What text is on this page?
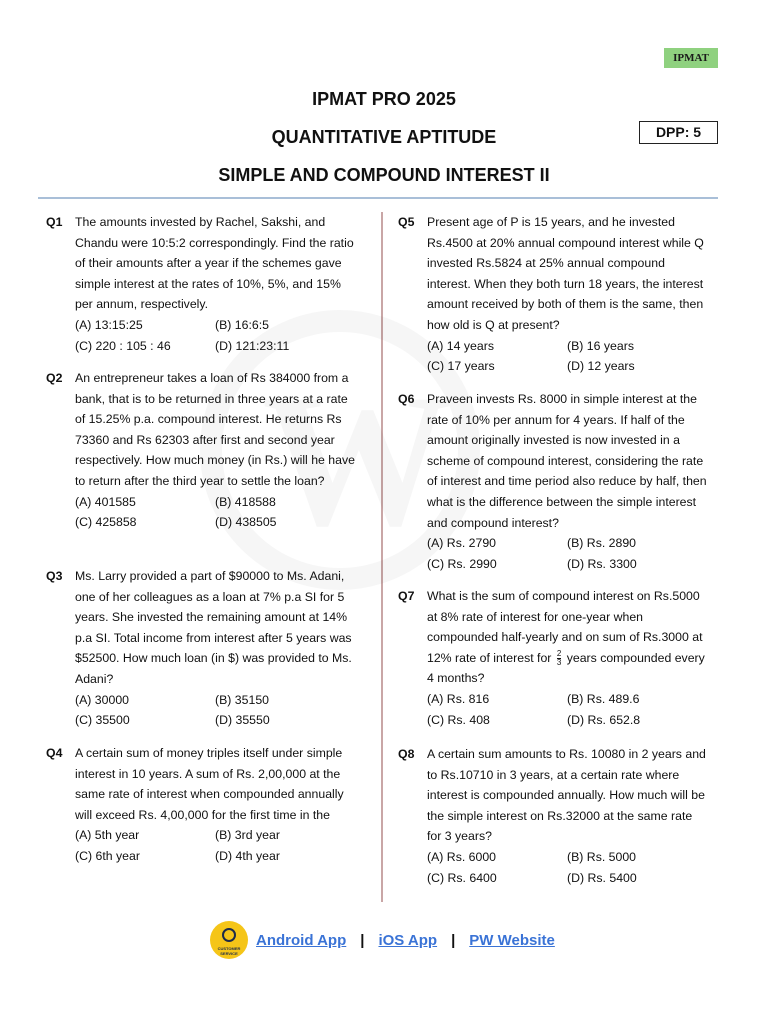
IPMAT
IPMAT PRO 2025
QUANTITATIVE APTITUDE
SIMPLE AND COMPOUND INTEREST II
DPP: 5
Q1 The amounts invested by Rachel, Sakshi, and Chandu were 10:5:2 correspondingly. Find the ratio of their amounts after a year if the schemes gave simple interest at the rates of 10%, 5%, and 15% per annum, respectively.
(A) 13:15:25	(B) 16:6:5
(C) 220 : 105 : 46	(D) 121:23:11
Q2 An entrepreneur takes a loan of Rs 384000 from a bank, that is to be returned in three years at a rate of 15.25% p.a. compound interest. He returns Rs 73360 and Rs 62303 after first and second year respectively. How much money (in Rs.) will he have to return after the third year to settle the loan?
(A) 401585	(B) 418588
(C) 425858	(D) 438505
Q3 Ms. Larry provided a part of $90000 to Ms. Adani, one of her colleagues as a loan at 7% p.a SI for 5 years. She invested the remaining amount at 14% p.a SI. Total income from interest after 5 years was $52500. How much loan (in $) was provided to Ms. Adani?
(A) 30000	(B) 35150
(C) 35500	(D) 35550
Q4 A certain sum of money triples itself under simple interest in 10 years. A sum of Rs. 2,00,000 at the same rate of interest when compounded annually will exceed Rs. 4,00,000 for the first time in the
(A) 5th year	(B) 3rd year
(C) 6th year	(D) 4th year
Q5 Present age of P is 15 years, and he invested Rs.4500 at 20% annual compound interest while Q invested Rs.5824 at 25% annual compound interest. When they both turn 18 years, the interest amount received by both of them is the same, then how old is Q at present?
(A) 14 years	(B) 16 years
(C) 17 years	(D) 12 years
Q6 Praveen invests Rs. 8000 in simple interest at the rate of 10% per annum for 4 years. If half of the amount originally invested is now invested in a scheme of compound interest, considering the rate of interest and time period also reduce by half, then what is the difference between the simple interest and compound interest?
(A) Rs. 2790	(B) Rs. 2890
(C) Rs. 2990	(D) Rs. 3300
Q7 What is the sum of compound interest on Rs.5000 at 8% rate of interest for one-year when compounded half-yearly and on sum of Rs.3000 at 12% rate of interest for $\frac{2}{3}$ years compounded every 4 months?
(A) Rs. 816	(B) Rs. 489.6
(C) Rs. 408	(D) Rs. 652.8
Q8 A certain sum amounts to Rs. 10080 in 2 years and to Rs.10710 in 3 years, at a certain rate where interest is compounded annually. How much will be the simple interest on Rs.32000 at the same rate for 3 years?
(A) Rs. 6000	(B) Rs. 5000
(C) Rs. 6400	(D) Rs. 5400
CUSTOMER SERVICE
Android App | iOS App | PW Website
